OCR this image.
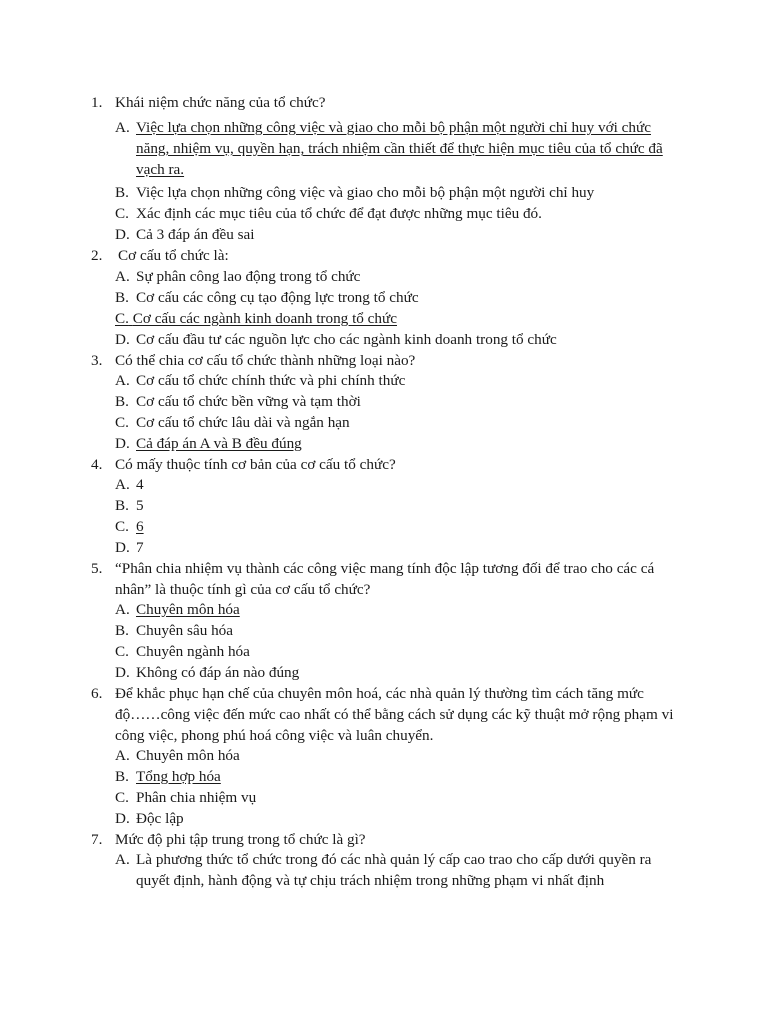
1. Khái niệm chức năng của tổ chức?
A. Việc lựa chọn những công việc và giao cho mỗi bộ phận một người chỉ huy với chức năng, nhiệm vụ, quyền hạn, trách nhiệm cần thiết để thực hiện mục tiêu của tổ chức đã vạch ra.
B. Việc lựa chọn những công việc và giao cho mỗi bộ phận một người chỉ huy
C. Xác định các mục tiêu của tổ chức để đạt được những mục tiêu đó.
D. Cả 3 đáp án đều sai
2. Cơ cấu tổ chức là:
A. Sự phân công lao động trong tổ chức
B. Cơ cấu các công cụ tạo động lực trong tổ chức
C. Cơ cấu các ngành kinh doanh trong tổ chức
D. Cơ cấu đầu tư các nguồn lực cho các ngành kinh doanh trong tổ chức
3. Có thể chia cơ cấu tổ chức thành những loại nào?
A. Cơ cấu tổ chức chính thức và phi chính thức
B. Cơ cấu tổ chức bền vững và tạm thời
C. Cơ cấu tổ chức lâu dài và ngắn hạn
D. Cả đáp án A và B đều đúng
4. Có mấy thuộc tính cơ bản của cơ cấu tổ chức?
A. 4
B. 5
C. 6
D. 7
5. “Phân chia nhiệm vụ thành các công việc mang tính độc lập tương đối để trao cho các cá nhân” là thuộc tính gì của cơ cấu tổ chức?
A. Chuyên môn hóa
B. Chuyên sâu hóa
C. Chuyên ngành hóa
D. Không có đáp án nào đúng
6. Để khắc phục hạn chế của chuyên môn hoá, các nhà quản lý thường tìm cách tăng mức độ……công việc đến mức cao nhất có thể bằng cách sử dụng các kỹ thuật mở rộng phạm vi công việc, phong phú hoá công việc và luân chuyển.
A. Chuyên môn hóa
B. Tổng hợp hóa
C. Phân chia nhiệm vụ
D. Độc lập
7. Mức độ phi tập trung trong tổ chức là gì?
A. Là phương thức tổ chức trong đó các nhà quản lý cấp cao trao cho cấp dưới quyền ra quyết định, hành động và tự chịu trách nhiệm trong những phạm vi nhất định
